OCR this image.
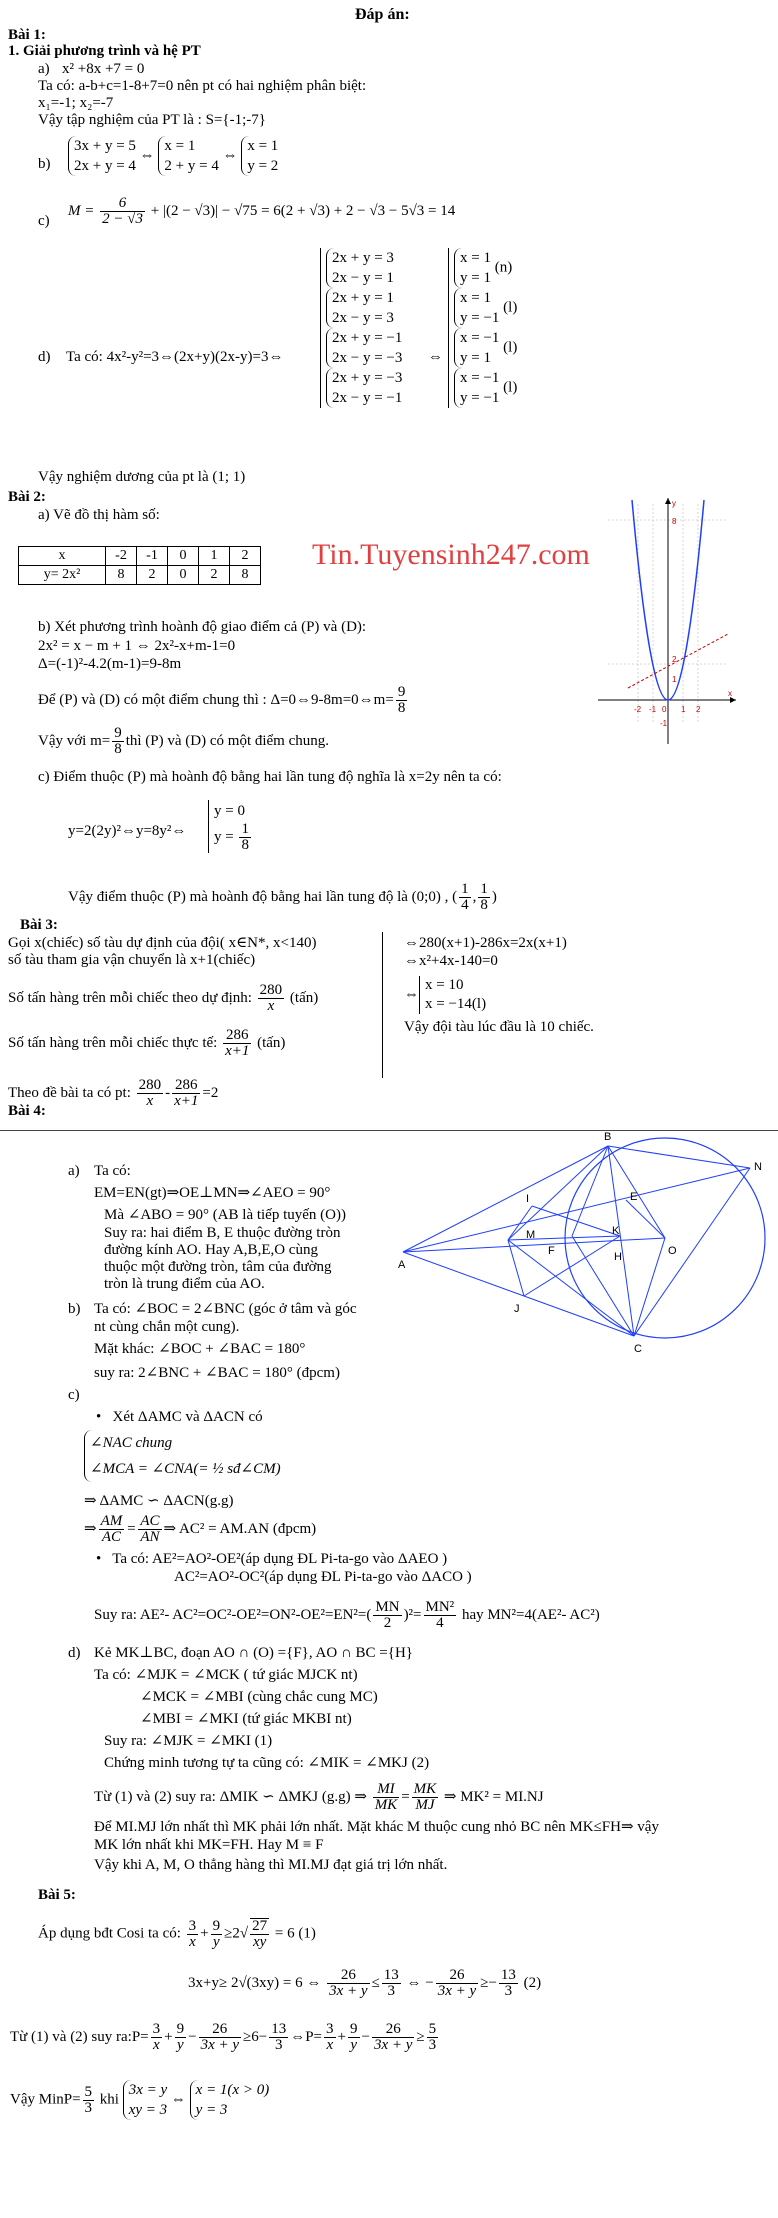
Đáp án:
Bài 1:
1. Giải phương trình và hệ PT
a) x² +8x +7 = 0
Ta có: a-b+c=1-8+7=0 nên pt có hai nghiệm phân biệt:
x₁=-1; x₂=-7
Vậy tập nghiệm của PT là : S={-1;-7}
b)
3x + y = 5
2x + y = 4 ⇔ x = 1
2 + y = 4 ⇔ x = 1
y = 2
c)
$M = \frac{6}{2 - √3} + |(2 - √3)| - √75 = 6(2 + √3) + 2 - √3 - 5√3 = 14$
d) Ta có: 4x²-y²=3⇔(2x+y)(2x-y)=3⇔
2x + y = 3
2x − y = 1
2x + y = 1
2x − y = 3
2x + y = −1
2x − y = −3
2x + y = −3
2x − y = −1
⇔
x = 1
y = 1 (n)
x = 1
y = −1 (l)
x = −1
y = 1 (l)
x = −1
y = −1 (l)
Vậy nghiệm dương của pt là (1; 1)
Bài 2:
a) Vẽ đồ thị hàm số:
x	-2	-1	0	1	2
y= 2x²	8	2	0	2	8
Tin.Tuyensinh247.com
y
x
8
2
1
-2 -1 0 1 2
-1
b) Xét phương trình hoành độ giao điểm cả (P) và (D):
2x² = x − m + 1 ⇔ 2x²-x+m-1=0
Δ=(-1)²-4.2(m-1)=9-8m
Để (P) và (D) có một điểm chung thì : Δ=0⇔9-8m=0⇔m= $\frac{9}{8}$
Vậy với $m= \frac{9}{8}$ thì (P) và (D) có một điểm chung.
c) Điểm thuộc (P) mà hoành độ bằng hai lần tung độ nghĩa là x=2y nên ta có:
y=2(2y)²⇔y=8y²⇔
y = 0
$y = \frac{1}{8}$
Vậy điểm thuộc (P) mà hoành độ bằng hai lần tung độ là (0;0) , ( $\frac{1}{4}$ , $\frac{1}{8}$ )
Bài 3:
Gọi x(chiếc) số tàu dự định của đội( x∈N*, x<140)
số tàu tham gia vận chuyển là x+1(chiếc)
Số tấn hàng trên mỗi chiếc theo dự định: $\frac{280}{x}$ (tấn)
Số tấn hàng trên mỗi chiếc thực tế: $\frac{286}{x+1}$ (tấn)
Theo đề bài ta có pt: $\frac{280}{x} - \frac{286}{x+1} =2$
⇔280(x+1)-286x=2x(x+1)
⇔x²+4x-140=0
⇔x = 10
x = −14(l)
Vậy đội tàu lúc đầu là 10 chiếc.
Bài 4:
a) Ta có:
EM=EN(gt)⇒OE⊥MN⇒∠AEO = 90°
Mà ∠ABO = 90° (AB là tiếp tuyến (O))
Suy ra: hai điểm B, E thuộc đường tròn
đường kính AO. Hay A,B,E,O cùng
thuộc một đường tròn, tâm của đường
tròn là trung điểm của AO.
b) Ta có: ∠BOC = 2∠BNC (góc ở tâm và góc
nt cùng chắn một cung).
Mặt khác: ∠BOC + ∠BAC = 180°
suy ra: 2∠BNC + ∠BAC = 180° (đpcm)
A
B
C
N
I
J
E
K
M
F	H	O
c)
•   Xét ΔAMC và ΔACN có
∠NAC chung
∠MCA = ∠CNA(= ½ sđ∠CM)
⇒ ΔAMC ∽ ΔACN(g.g)
⇒ $\frac{AM}{AC} = \frac{AC}{AN}$ ⇒ AC² = AM.AN (đpcm)
•   Ta có: AE²=AO²-OE²(áp dụng ĐL Pi-ta-go vào ΔAEO )
AC²=AO²-OC²(áp dụng ĐL Pi-ta-go vào ΔACO )
Suy ra: AE²- $AC^2=OC^2-OE^2=ON^2-OE^2=EN^2=( \frac{MN}{2} )^2= \frac{\text{MN²}}{4}$ hay MN²=4(AE²- AC²)
d) Kẻ MK⊥BC, đoạn AO ∩ (O) ={F}, AO ∩ BC ={H}
Ta có: ∠MJK = ∠MCK ( tứ giác MJCK nt)
∠MCK = ∠MBI (cùng chắc cung MC)
∠MBI = ∠MKI (tứ giác MKBI nt)
Suy ra: ∠MJK = ∠MKI (1)
Chứng minh tương tự ta cũng có: ∠MIK = ∠MKJ (2)
Từ (1) và (2) suy ra: ΔMIK ∽ ΔMKJ (g.g) ⇒ $\frac{MI}{MK} = \frac{MK}{MJ}$ ⇒ MK² = MI.NJ
Để MI.MJ lớn nhất thì MK phải lớn nhất. Mặt khác M thuộc cung nhỏ BC nên MK≤FH⇒ vậy
MK lớn nhất khi MK=FH. Hay M ≡ F
Vậy khi A, M, O thẳng hàng thì MI.MJ đạt giá trị lớn nhất.
Bài 5:
Áp dụng bđt Cosi ta có: $\frac{3}{x} + \frac{9}{y} \ge 2√ \frac{27}{xy} = 6$ (1)
3x+y≥ 2√(3xy) = 6 ⇔ $\frac{26}{3x + y} \le \frac{13}{3}$ ⇔ − $\frac{26}{3x + y} \ge- \frac{13}{3} (2)$
Từ (1) và (2) suy ra:P= $\frac{3}{x} + \frac{9}{y} - \frac{26}{3x + y} \ge 6- \frac{13}{3}$ ⇔P= $\frac{3}{x} + \frac{9}{y} - \frac{26}{3x + y} \ge \frac{5}{3}$
Vậy MinP= $\frac{5}{3}$ khi 3x = y
xy = 3 ⇔ x = 1(x > 0)
y = 3
